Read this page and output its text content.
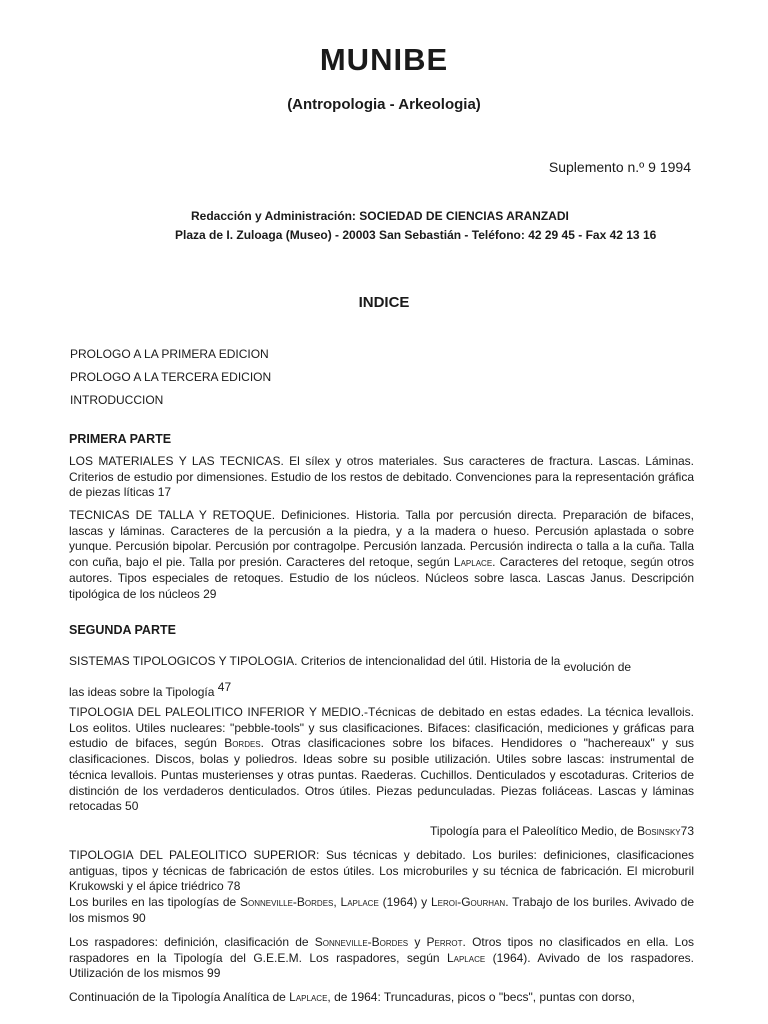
MUNIBE
(Antropologia - Arkeologia)
Suplemento n.º 9 1994
Redacción y Administración: SOCIEDAD DE CIENCIAS ARANZADI
Plaza de I. Zuloaga (Museo) - 20003 San Sebastián - Teléfono: 42 29 45 - Fax 42 13 16
INDICE
PROLOGO A LA PRIMERA EDICION
PROLOGO A LA TERCERA EDICION
INTRODUCCION
PRIMERA PARTE
LOS MATERIALES Y LAS TECNICAS. El sílex y otros materiales. Sus caracteres de fractura. Lascas. Láminas. Criterios de estudio por dimensiones. Estudio de los restos de debitado. Convenciones para la representación gráfica de piezas líticas 17
TECNICAS DE TALLA Y RETOQUE. Definiciones. Historia. Talla por percusión directa. Preparación de bifaces, lascas y láminas. Caracteres de la percusión a la piedra, y a la madera o hueso. Percusión aplastada o sobre yunque. Percusión bipolar. Percusión por contragolpe. Percusión lanzada. Percusión indirecta o talla a la cuña. Talla con cuña, bajo el pie. Talla por presión. Caracteres del retoque, según Laplace. Caracteres del retoque, según otros autores. Tipos especiales de retoques. Estudio de los núcleos. Núcleos sobre lasca. Lascas Janus. Descripción tipológica de los núcleos 29
SEGUNDA PARTE
SISTEMAS TIPOLOGICOS Y TIPOLOGIA. Criterios de intencionalidad del útil. Historia de la evolución de
las ideas sobre la Tipología 47
TIPOLOGIA DEL PALEOLITICO INFERIOR Y MEDIO.-Técnicas de debitado en estas edades. La técnica levallois. Los eolitos. Utiles nucleares: "pebble-tools" y sus clasificaciones. Bifaces: clasificación, mediciones y gráficas para estudio de bifaces, según Bordes. Otras clasificaciones sobre los bifaces. Hendidores o "hachereaux" y sus clasificaciones. Discos, bolas y poliedros. Ideas sobre su posible utilización. Utiles sobre lascas: instrumental de técnica levallois. Puntas musterienses y otras puntas. Raederas. Cuchillos. Denticulados y escotaduras. Criterios de distinción de los verdaderos denticulados. Otros útiles. Piezas pedunculadas. Piezas foliáceas. Lascas y láminas retocadas 50
Tipología para el Paleolítico Medio, de Bosinsky73
TIPOLOGIA DEL PALEOLITICO SUPERIOR: Sus técnicas y debitado. Los buriles: definiciones, clasificaciones antiguas, tipos y técnicas de fabricación de estos útiles. Los microburiles y su técnica de fabricación. El microburil Krukowski y el ápice triédrico 78
Los buriles en las tipologías de Sonneville-Bordes, Laplace (1964) y Leroi-Gourhan. Trabajo de los buriles. Avivado de los mismos 90
Los raspadores: definición, clasificación de Sonneville-Bordes y Perrot. Otros tipos no clasificados en ella. Los raspadores en la Tipología del G.E.E.M. Los raspadores, según Laplace (1964). Avivado de los raspadores. Utilización de los mismos 99
Continuación de la Tipología Analítica de Laplace, de 1964: Truncaduras, picos o "becs", puntas con dorso,
